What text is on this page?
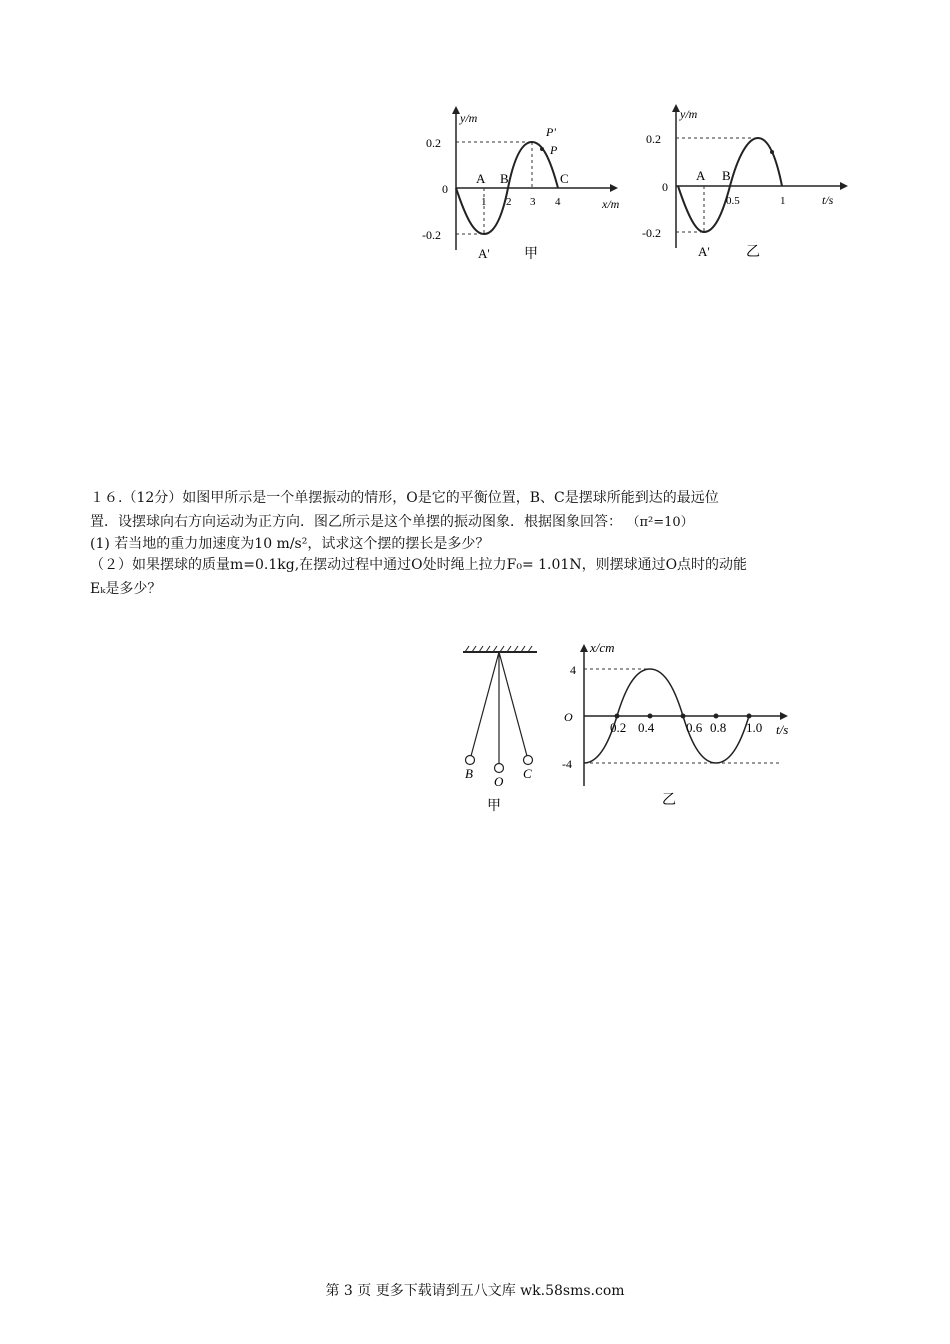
y/m
x/m
0.2
0
-0.2
1 2 3 4
A B	C
P'
P
A' 甲
y/m
t/s
0.2
0
-0.2
0.5	1
A B
A'	乙
１６.（12分）如图甲所示是一个单摆振动的情形，O是它的平衡位置，B、C是摆球所能到达的最远位
置．设摆球向右方向运动为正方向．图乙所示是这个单摆的振动图象．根据图象回答： （π²=10）
(1) 若当地的重力加速度为10 m/s²，试求这个摆的摆长是多少？
（２）如果摆球的质量m=0.1kg,在摆动过程中通过O处时绳上拉力F₀= 1.01N，则摆球通过O点时的动能
Eₖ是多少？
B
O
C
甲
x/cm
t/s
4
O
-4
0.2 0.4 0.6 0.8 1.0
乙
第 3 页 更多下载请到五八文库 wk.58sms.com
